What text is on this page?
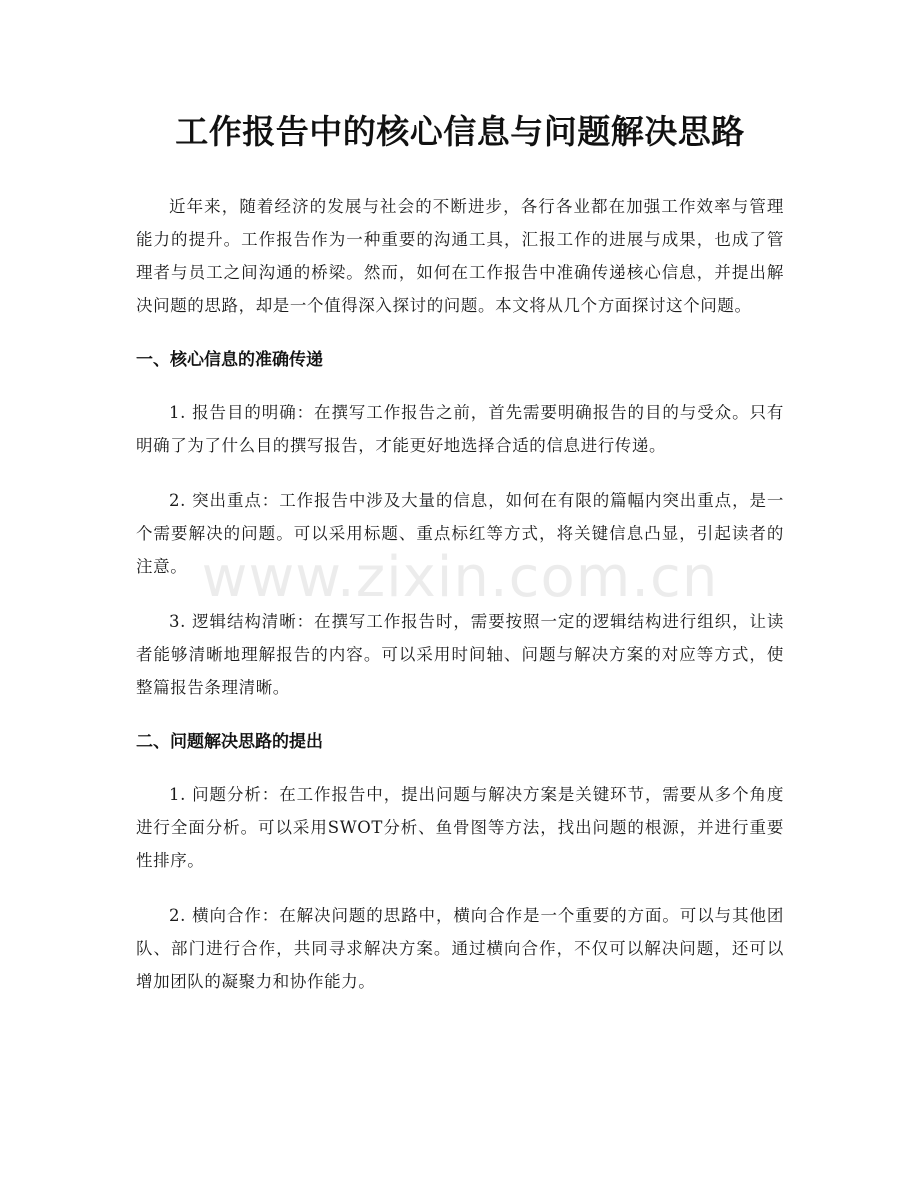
工作报告中的核心信息与问题解决思路

近年来，随着经济的发展与社会的不断进步，各行各业都在加强工作效率与管理能力的提升。工作报告作为一种重要的沟通工具，汇报工作的进展与成果，也成了管理者与员工之间沟通的桥梁。然而，如何在工作报告中准确传递核心信息，并提出解决问题的思路，却是一个值得深入探讨的问题。本文将从几个方面探讨这个问题。

一、核心信息的准确传递

1. 报告目的明确：在撰写工作报告之前，首先需要明确报告的目的与受众。只有明确了为了什么目的撰写报告，才能更好地选择合适的信息进行传递。

2. 突出重点：工作报告中涉及大量的信息，如何在有限的篇幅内突出重点，是一个需要解决的问题。可以采用标题、重点标红等方式，将关键信息凸显，引起读者的注意。

3. 逻辑结构清晰：在撰写工作报告时，需要按照一定的逻辑结构进行组织，让读者能够清晰地理解报告的内容。可以采用时间轴、问题与解决方案的对应等方式，使整篇报告条理清晰。

二、问题解决思路的提出

1. 问题分析：在工作报告中，提出问题与解决方案是关键环节，需要从多个角度进行全面分析。可以采用SWOT分析、鱼骨图等方法，找出问题的根源，并进行重要性排序。

2. 横向合作：在解决问题的思路中，横向合作是一个重要的方面。可以与其他团队、部门进行合作，共同寻求解决方案。通过横向合作，不仅可以解决问题，还可以增加团队的凝聚力和协作能力。

www.zixin.com.cn
